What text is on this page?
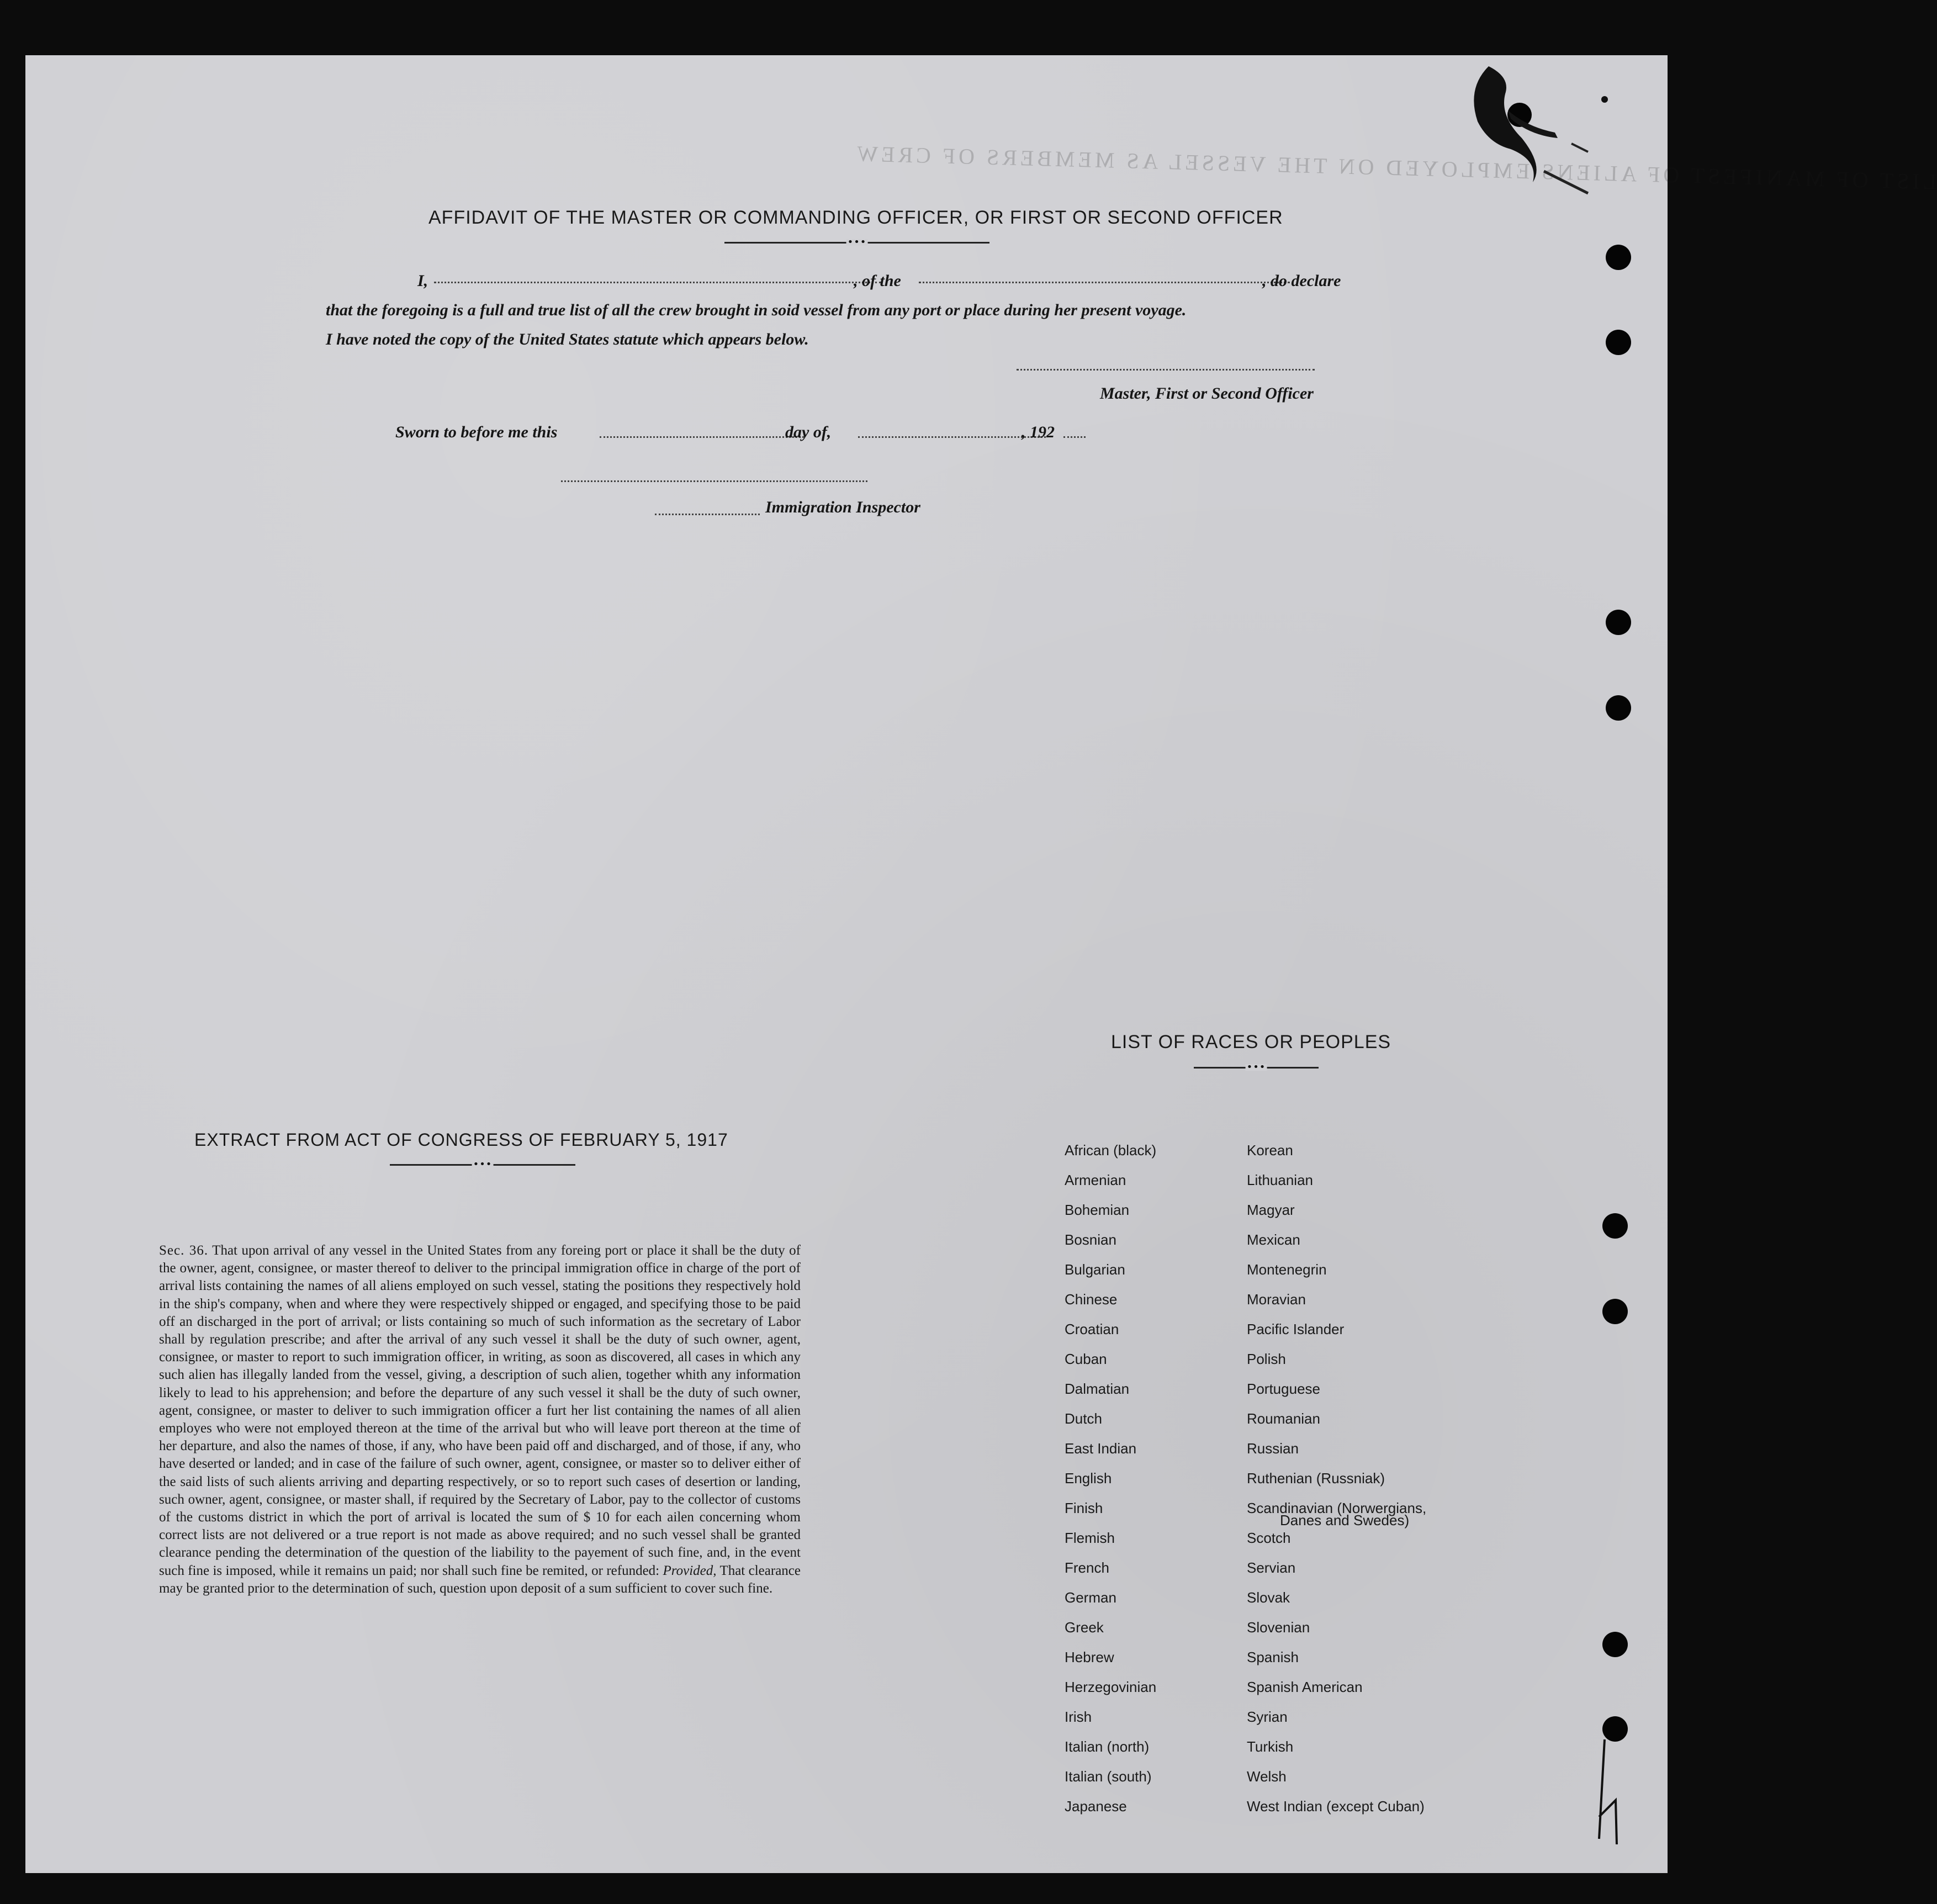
LIST OF MANIFEST OF ALIENS EMPLOYED ON THE VESSEL AS MEMBERS OF CREW
AFFIDAVIT OF THE MASTER OR COMMANDING OFFICER, OR FIRST OR SECOND OFFICER
•••
I,	, of the	, do declare
that the foregoing is a full and true list of all the crew brought in soid vessel from any port or place during her present voyage.
I have noted the copy of the United States statute which appears below.
Master, First or Second Officer
Sworn to before me this	day of,	, 192
Immigration Inspector
LIST OF RACES OR PEOPLES
•••
African (black)	Korean
Armenian	Lithuanian
Bohemian	Magyar
Bosnian	Mexican
Bulgarian	Montenegrin
Chinese	Moravian
Croatian	Pacific Islander
Cuban	Polish
Dalmatian	Portuguese
Dutch	Roumanian
East Indian	Russian
English	Ruthenian (Russniak)
Finish	Scandinavian (Norwergians,
Danes and Swedes)
Flemish	Scotch
French	Servian
German	Slovak
Greek	Slovenian
Hebrew	Spanish
Herzegovinian	Spanish American
Irish	Syrian
Italian (north)	Turkish
Italian (south)	Welsh
Japanese	West Indian (except Cuban)
EXTRACT FROM ACT OF CONGRESS OF FEBRUARY 5, 1917
•••
Sec. 36. That upon arrival of any vessel in the United States from any foreing port or place it shall be the duty of the owner, agent, consignee, or master thereof to deliver to the principal immigration office in charge of the port of arrival lists containing the names of all aliens employed on such vessel, stating the positions they respectively hold in the ship's company, when and where they were respectively shipped or engaged, and specifying those to be paid off an discharged in the port of arrival; or lists containing so much of such information as the secretary of Labor shall by regulation prescribe; and after the arrival of any such vessel it shall be the duty of such owner, agent, consignee, or master to report to such immigration officer, in writing, as soon as discovered, all cases in which any such alien has illegally landed from the vessel, giving, a description of such alien, together whith any information likely to lead to his apprehension; and before the departure of any such vessel it shall be the duty of such owner, agent, consignee, or master to deliver to such immigration officer a furt her list containing the names of all alien employes who were not employed thereon at the time of the arrival but who will leave port thereon at the time of her departure, and also the names of those, if any, who have been paid off and discharged, and of those, if any, who have deserted or landed; and in case of the failure of such owner, agent, consignee, or master so to deliver either of the said lists of such alients arriving and departing respectively, or so to report such cases of desertion or landing, such owner, agent, consignee, or master shall, if required by the Secretary of Labor, pay to the collector of customs of the customs district in which the port of arrival is located the sum of $ 10 for each ailen concerning whom correct lists are not delivered or a true report is not made as above required; and no such vessel shall be granted clearance pending the determination of the question of the liability to the payement of such fine, and, in the event such fine is imposed, while it remains un paid; nor shall such fine be remited, or refunded: Provided, That clearance may be granted prior to the determination of such, question upon deposit of a sum sufficient to cover such fine.
